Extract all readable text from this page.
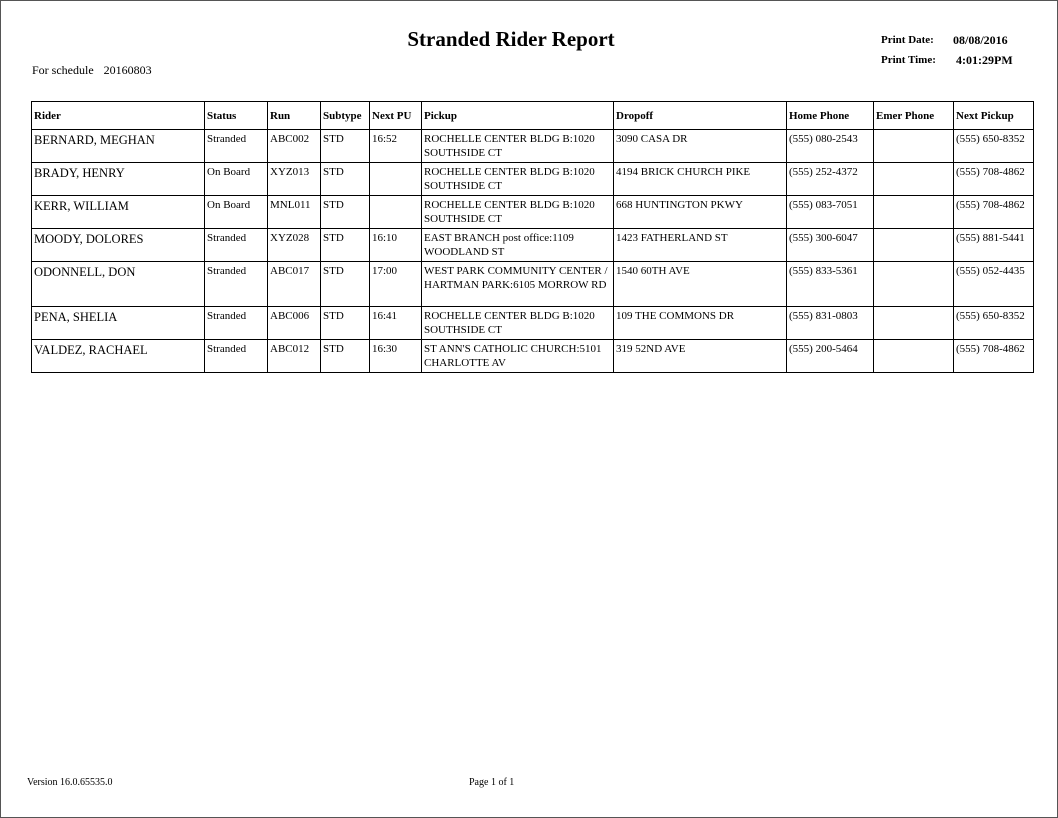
Stranded Rider Report
For schedule 20160803
Print Date: 08/08/2016
Print Time: 4:01:29PM
Rider	Status	Run	Subtype	Next PU	Pickup	Dropoff	Home Phone	Emer Phone	Next Pickup
BERNARD, MEGHAN	Stranded	ABC002	STD	16:52	ROCHELLE CENTER BLDG B:1020 SOUTHSIDE CT	3090 CASA DR	(555) 080-2543		(555) 650-8352
BRADY, HENRY	On Board	XYZ013	STD		ROCHELLE CENTER BLDG B:1020 SOUTHSIDE CT	4194 BRICK CHURCH PIKE	(555) 252-4372		(555) 708-4862
KERR, WILLIAM	On Board	MNL011	STD		ROCHELLE CENTER BLDG B:1020 SOUTHSIDE CT	668 HUNTINGTON PKWY	(555) 083-7051		(555) 708-4862
MOODY, DOLORES	Stranded	XYZ028	STD	16:10	EAST BRANCH post office:1109 WOODLAND ST	1423 FATHERLAND ST	(555) 300-6047		(555) 881-5441
ODONNELL, DON	Stranded	ABC017	STD	17:00	WEST PARK COMMUNITY CENTER / HARTMAN PARK:6105 MORROW RD	1540 60TH AVE	(555) 833-5361		(555) 052-4435
PENA, SHELIA	Stranded	ABC006	STD	16:41	ROCHELLE CENTER BLDG B:1020 SOUTHSIDE CT	109 THE COMMONS DR	(555) 831-0803		(555) 650-8352
VALDEZ, RACHAEL	Stranded	ABC012	STD	16:30	ST ANN'S CATHOLIC CHURCH:5101 CHARLOTTE AV	319 52ND AVE	(555) 200-5464		(555) 708-4862
Version 16.0.65535.0	Page 1 of 1
